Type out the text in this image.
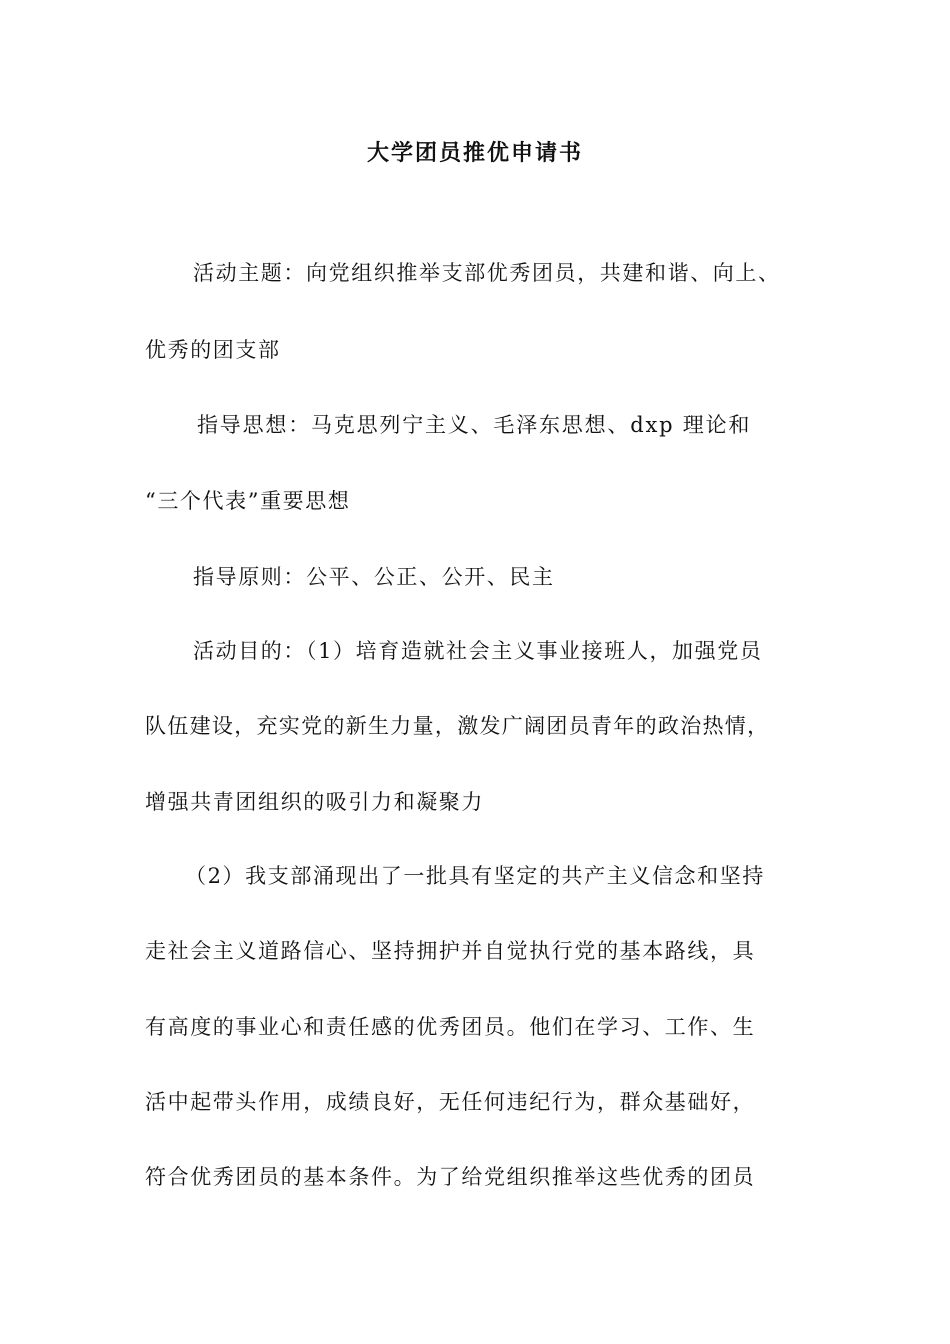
大学团员推优申请书
活动主题：向党组织推举支部优秀团员，共建和谐、向上、
优秀的团支部
指导思想：马克思列宁主义、毛泽东思想、dxp 理论和
“三个代表”重要思想
指导原则：公平、公正、公开、民主
活动目的：（1）培育造就社会主义事业接班人，加强党员
队伍建设，充实党的新生力量，激发广阔团员青年的政治热情，
增强共青团组织的吸引力和凝聚力
（2）我支部涌现出了一批具有坚定的共产主义信念和坚持
走社会主义道路信心、坚持拥护并自觉执行党的基本路线，具
有高度的事业心和责任感的优秀团员。他们在学习、工作、生
活中起带头作用，成绩良好，无任何违纪行为，群众基础好，
符合优秀团员的基本条件。为了给党组织推举这些优秀的团员
